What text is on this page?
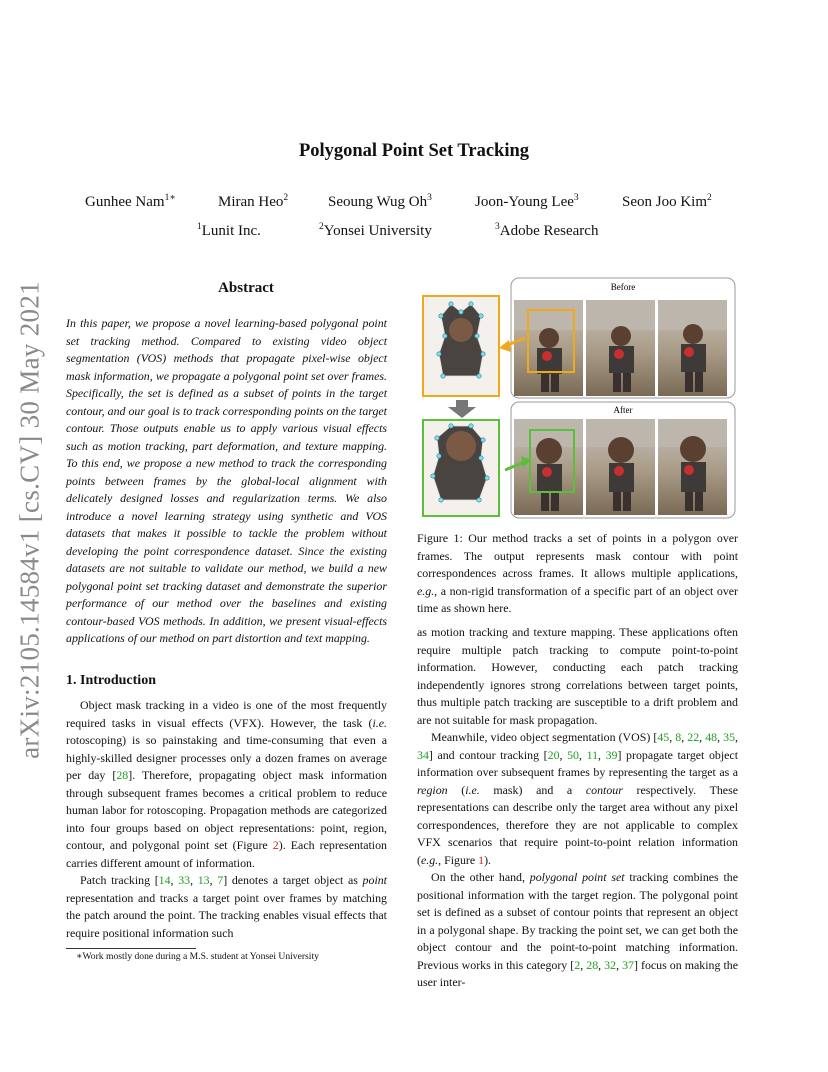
arXiv:2105.14584v1 [cs.CV] 30 May 2021
Polygonal Point Set Tracking
Gunhee Nam$^{1∗}$	Miran Heo$^2$	Seoung Wug Oh$^3$	Joon-Young Lee$^3$	Seon Joo Kim$^2$
$^1$Lunit Inc.	$^2$Yonsei University	$^3$Adobe Research
Abstract
In this paper, we propose a novel learning-based polygonal point set tracking method. Compared to existing video object segmentation (VOS) methods that propagate pixel-wise object mask information, we propagate a polygonal point set over frames. Specifically, the set is defined as a subset of points in the target contour, and our goal is to track corresponding points on the target contour. Those outputs enable us to apply various visual effects such as motion tracking, part deformation, and texture mapping. To this end, we propose a new method to track the corresponding points between frames by the global-local alignment with delicately designed losses and regularization terms. We also introduce a novel learning strategy using synthetic and VOS datasets that makes it possible to tackle the problem without developing the point correspondence dataset. Since the existing datasets are not suitable to validate our method, we build a new polygonal point set tracking dataset and demonstrate the superior performance of our method over the baselines and existing contour-based VOS methods. In addition, we present visual-effects applications of our method on part distortion and text mapping.
1. Introduction

Object mask tracking in a video is one of the most frequently required tasks in visual effects (VFX). However, the task (i.e. rotoscoping) is so painstaking and time-consuming that even a highly-skilled designer processes only a dozen frames on average per day [28]. Therefore, propagating object mask information through subsequent frames becomes a critical problem to reduce human labor for rotoscoping. Propagation methods are categorized into four groups based on object representations: point, region, contour, and polygonal point set (Figure 2). Each representation carries different amount of information.

Patch tracking [14, 33, 13, 7] denotes a target object as point representation and tracks a target point over frames by matching the patch around the point. The tracking enables visual effects that require positional information such

∗Work mostly done during a M.S. student at Yonsei University
Before
After
Figure 1: Our method tracks a set of points in a polygon over frames. The output represents mask contour with point correspondences across frames. It allows multiple applications, e.g., a non-rigid transformation of a specific part of an object over time as shown here.

as motion tracking and texture mapping. These applications often require multiple patch tracking to compute point-to-point information. However, conducting each patch tracking independently ignores strong correlations between target points, thus multiple patch tracking are susceptible to a drift problem and are not suitable for mask propagation.

Meanwhile, video object segmentation (VOS) [45, 8, 22, 48, 35, 34] and contour tracking [20, 50, 11, 39] propagate target object information over subsequent frames by representing the target as a region (i.e. mask) and a contour respectively. These representations can describe only the target area without any pixel correspondences, therefore they are not applicable to complex VFX scenarios that require point-to-point relation information (e.g., Figure 1).

On the other hand, polygonal point set tracking combines the positional information with the target region. The polygonal point set is defined as a subset of contour points that represent an object in a polygonal shape. By tracking the point set, we can get both the object contour and the point-to-point matching information. Previous works in this category [2, 28, 32, 37] focus on making the user inter-
